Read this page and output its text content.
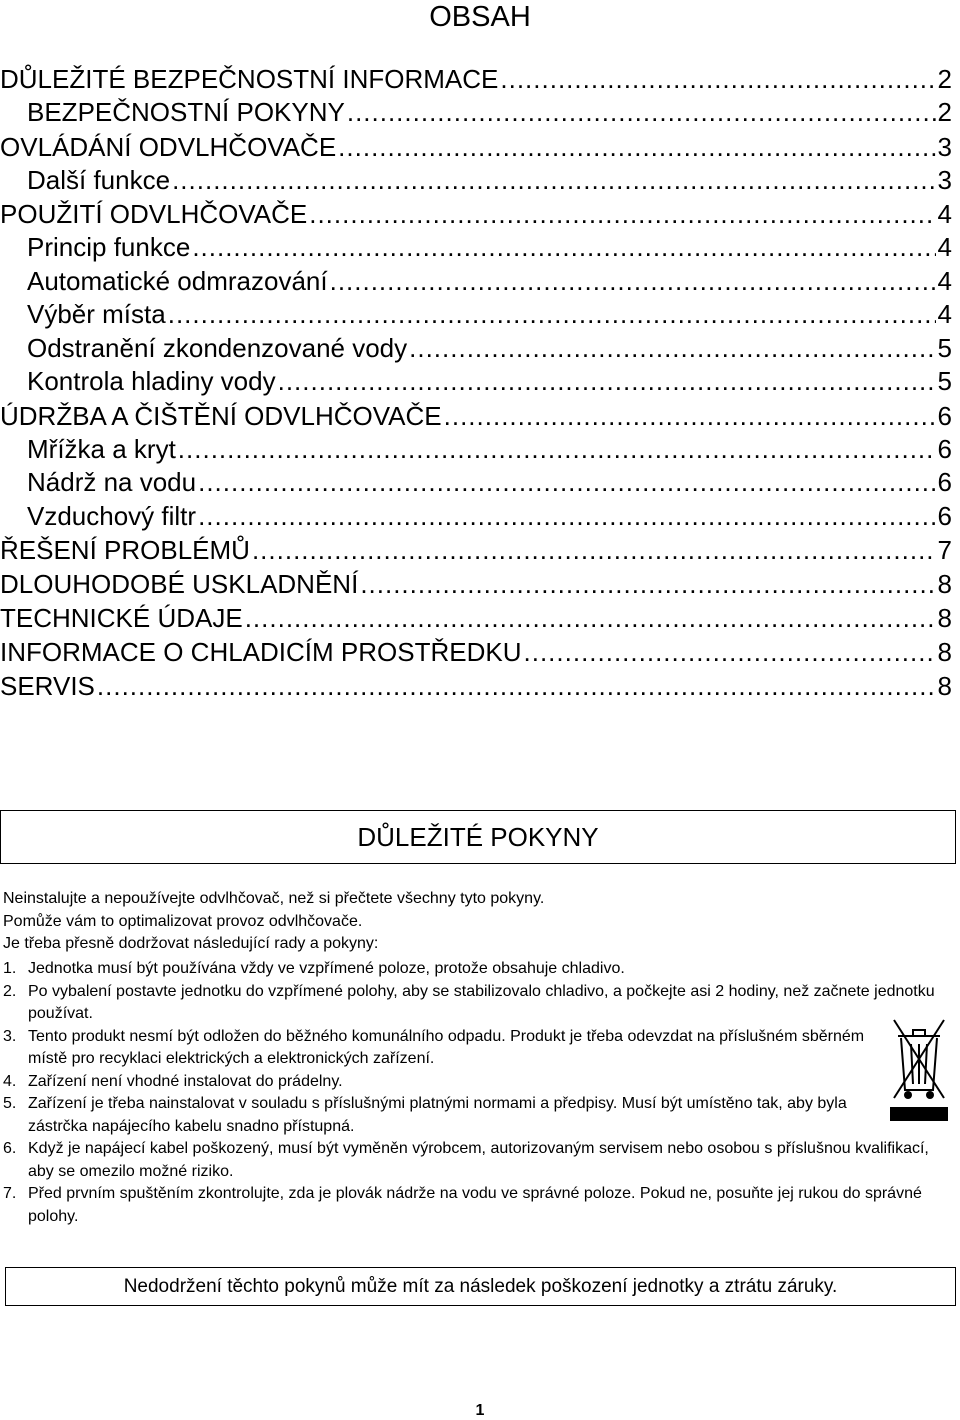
OBSAH
DŮLEŽITÉ BEZPEČNOSTNÍ INFORMACE .....	2
BEZPEČNOSTNÍ POKYNY .....	2
OVLÁDÁNÍ ODVLHČOVAČE .....	3
Další funkce .....	3
POUŽITÍ ODVLHČOVAČE .....	4
Princip funkce .....	4
Automatické odmrazování .....	4
Výběr místa .....	4
Odstranění zkondenzované vody .....	5
Kontrola hladiny vody .....	5
ÚDRŽBA A ČIŠTĚNÍ ODVLHČOVAČE .....	6
Mřížka a kryt .....	6
Nádrž na vodu .....	6
Vzduchový filtr .....	6
ŘEŠENÍ PROBLÉMŮ .....	7
DLOUHODOBÉ USKLADNĚNÍ .....	8
TECHNICKÉ ÚDAJE .....	8
INFORMACE O CHLADICÍM PROSTŘEDKU .....	8
SERVIS .....	8
DŮLEŽITÉ POKYNY

Neinstalujte a nepoužívejte odvlhčovač, než si přečtete všechny tyto pokyny.

Pomůže vám to optimalizovat provoz odvlhčovače.

Je třeba přesně dodržovat následující rady a pokyny:

1. Jednotka musí být používána vždy ve vzpřímené poloze, protože obsahuje chladivo.
2. Po vybalení postavte jednotku do vzpřímené polohy, aby se stabilizovalo chladivo, a počkejte asi 2 hodiny, než začnete jednotku používat.
3. Tento produkt nesmí být odložen do běžného komunálního odpadu. Produkt je třeba odevzdat na příslušném sběrném místě pro recyklaci elektrických a elektronických zařízení.
4. Zařízení není vhodné instalovat do prádelny.
5. Zařízení je třeba nainstalovat v souladu s příslušnými platnými normami a předpisy. Musí být umístěno tak, aby byla zástrčka napájecího kabelu snadno přístupná.
6. Když je napájecí kabel poškozený, musí být vyměněn výrobcem, autorizovaným servisem nebo osobou s příslušnou kvalifikací, aby se omezilo možné riziko.
7. Před prvním spuštěním zkontrolujte, zda je plovák nádrže na vodu ve správné poloze. Pokud ne, posuňte jej rukou do správné polohy.
Nedodržení těchto pokynů může mít za následek poškození jednotky a ztrátu záruky.
1
